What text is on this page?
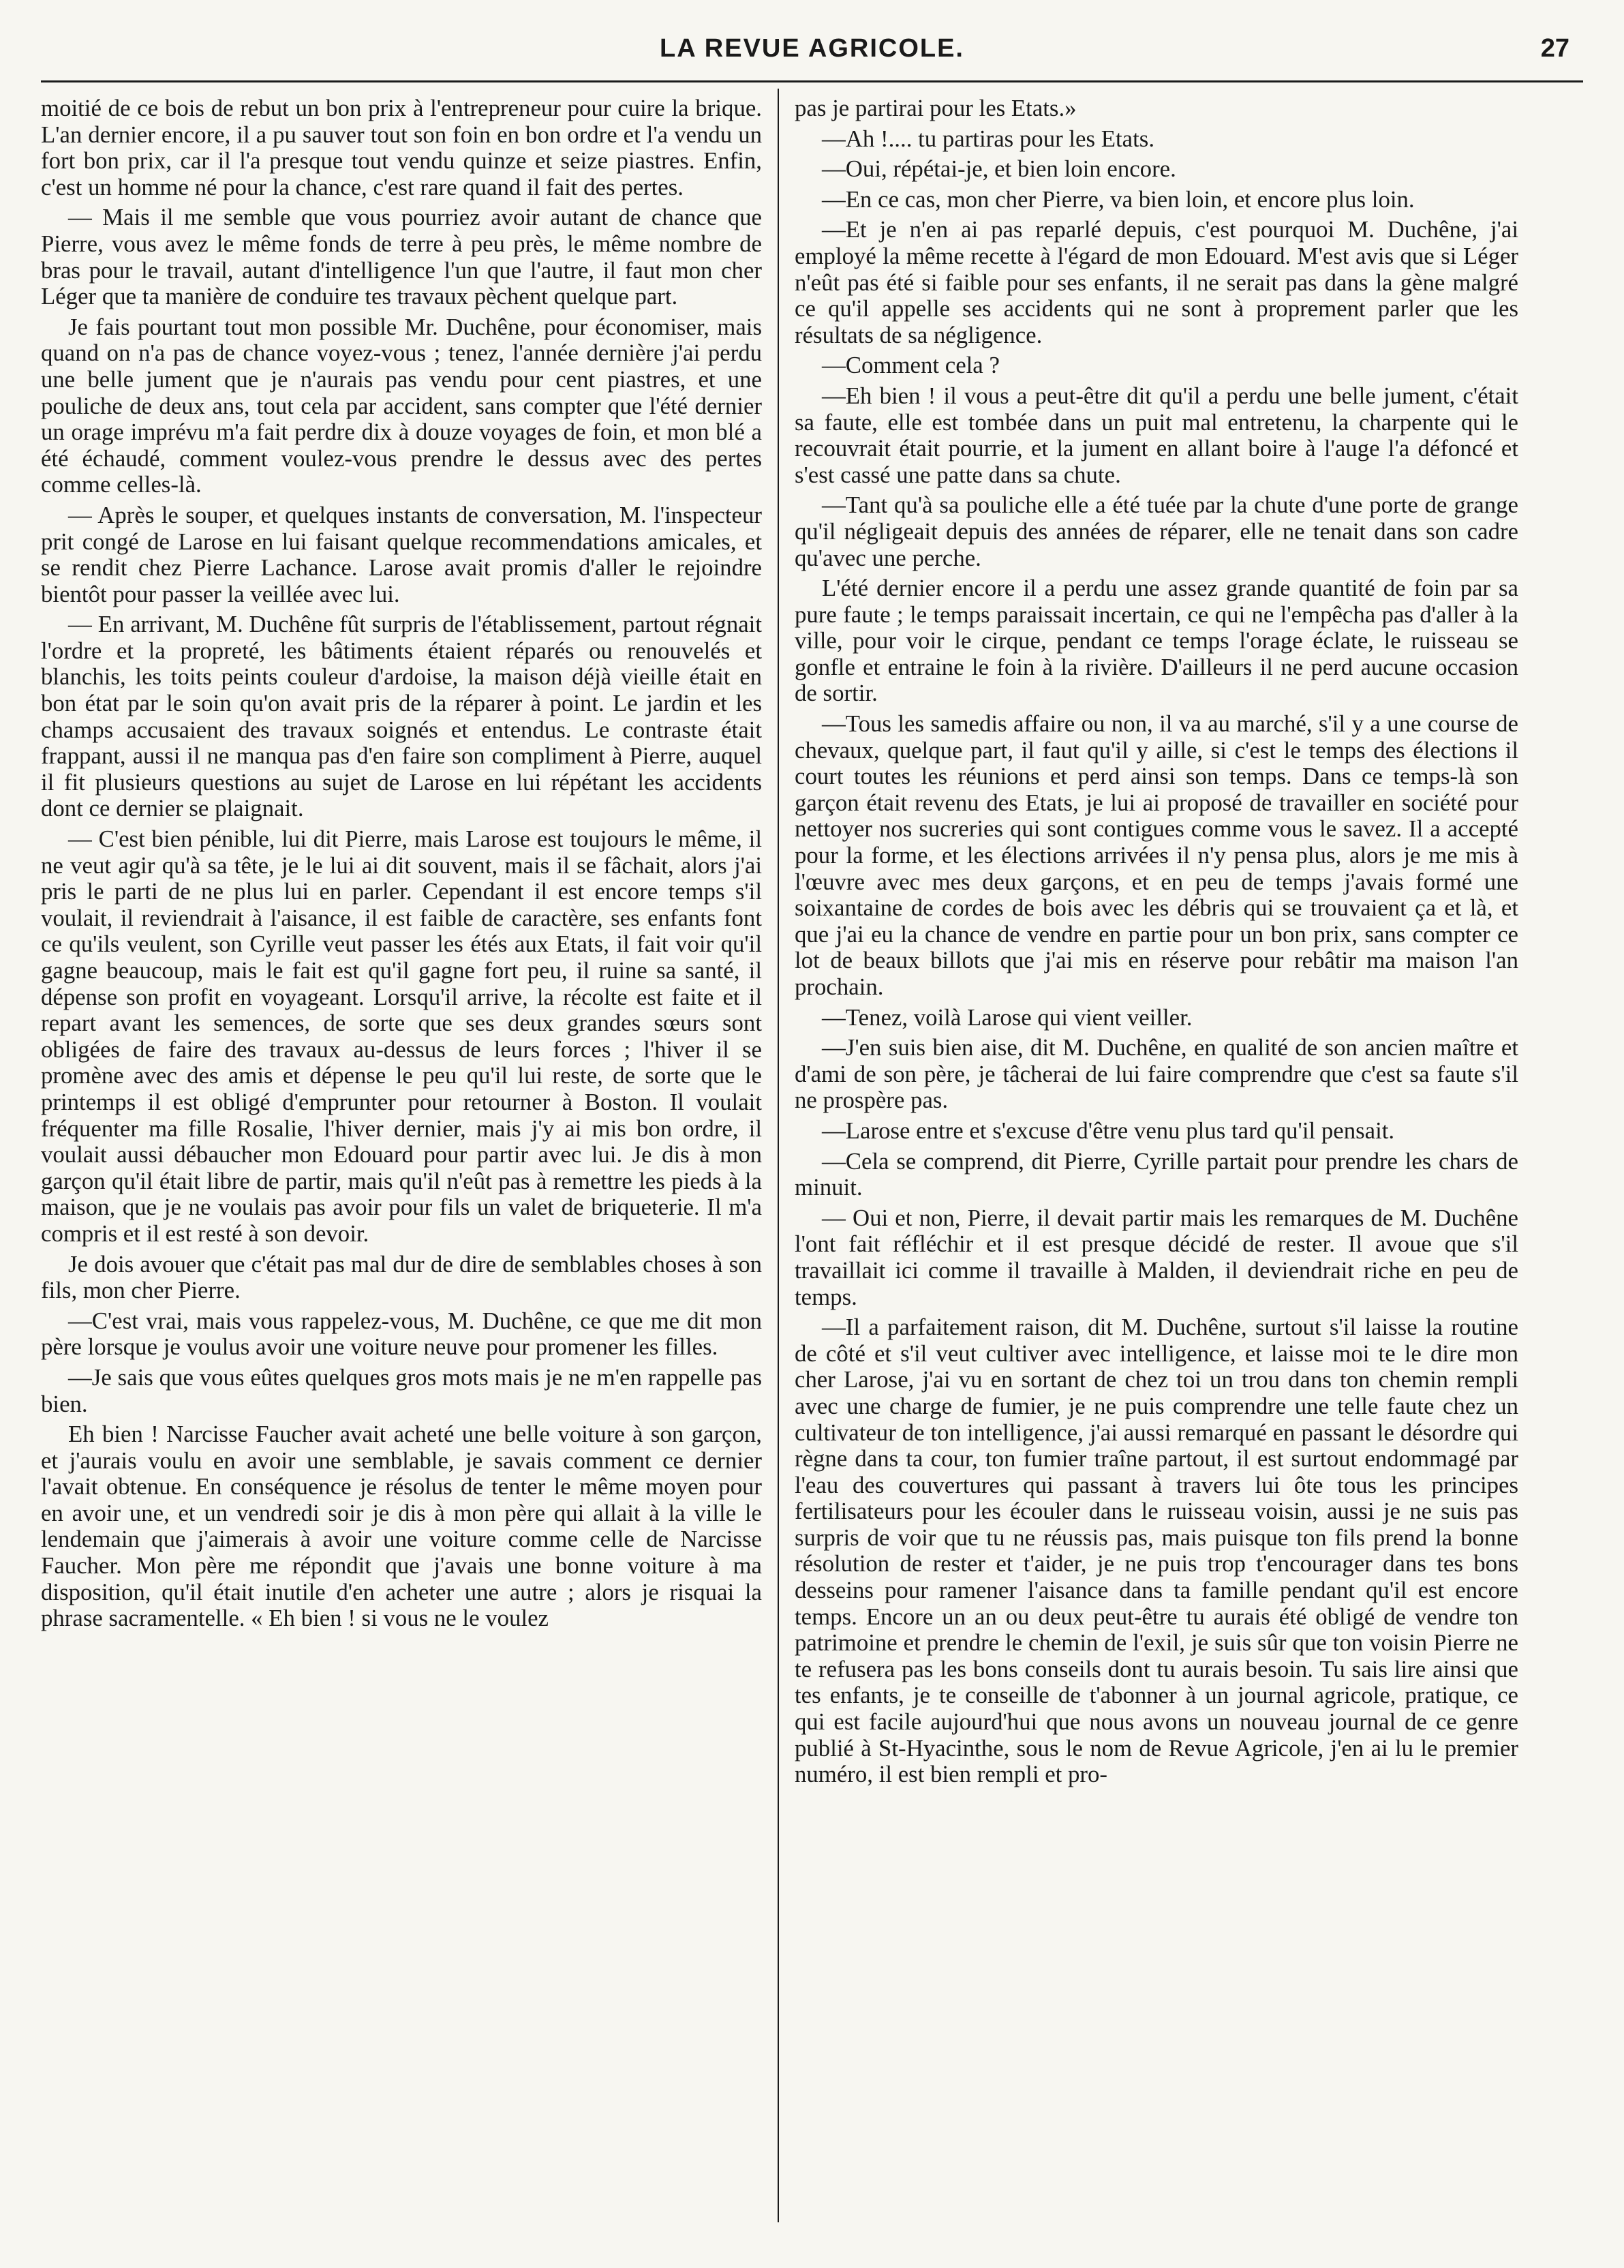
LA REVUE AGRICOLE.	27

moitié de ce bois de rebut un bon prix à l'entrepreneur pour cuire la brique. L'an dernier encore, il a pu sauver tout son foin en bon ordre et l'a vendu un fort bon prix, car il l'a presque tout vendu quinze et seize piastres. Enfin, c'est un homme né pour la chance, c'est rare quand il fait des pertes.

— Mais il me semble que vous pourriez avoir autant de chance que Pierre, vous avez le même fonds de terre à peu près, le même nombre de bras pour le travail, autant d'intelligence l'un que l'autre, il faut mon cher Léger que ta manière de conduire tes travaux pèchent quelque part.

Je fais pourtant tout mon possible Mr. Duchêne, pour économiser, mais quand on n'a pas de chance voyez-vous ; tenez, l'année dernière j'ai perdu une belle jument que je n'aurais pas vendu pour cent piastres, et une pouliche de deux ans, tout cela par accident, sans compter que l'été dernier un orage imprévu m'a fait perdre dix à douze voyages de foin, et mon blé a été échaudé, comment voulez-vous prendre le dessus avec des pertes comme celles-là.

— Après le souper, et quelques instants de conversation, M. l'inspecteur prit congé de Larose en lui faisant quelque recommendations amicales, et se rendit chez Pierre Lachance. Larose avait promis d'aller le rejoindre bientôt pour passer la veillée avec lui.

— En arrivant, M. Duchêne fût surpris de l'établissement, partout régnait l'ordre et la propreté, les bâtiments étaient réparés ou renouvelés et blanchis, les toits peints couleur d'ardoise, la maison déjà vieille était en bon état par le soin qu'on avait pris de la réparer à point. Le jardin et les champs accusaient des travaux soignés et entendus. Le contraste était frappant, aussi il ne manqua pas d'en faire son compliment à Pierre, auquel il fit plusieurs questions au sujet de Larose en lui répétant les accidents dont ce dernier se plaignait.

— C'est bien pénible, lui dit Pierre, mais Larose est toujours le même, il ne veut agir qu'à sa tête, je le lui ai dit souvent, mais il se fâchait, alors j'ai pris le parti de ne plus lui en parler. Cependant il est encore temps s'il voulait, il reviendrait à l'aisance, il est faible de caractère, ses enfants font ce qu'ils veulent, son Cyrille veut passer les étés aux Etats, il fait voir qu'il gagne beaucoup, mais le fait est qu'il gagne fort peu, il ruine sa santé, il dépense son profit en voyageant. Lorsqu'il arrive, la récolte est faite et il repart avant les semences, de sorte que ses deux grandes sœurs sont obligées de faire des travaux au-dessus de leurs forces ; l'hiver il se promène avec des amis et dépense le peu qu'il lui reste, de sorte que le printemps il est obligé d'emprunter pour retourner à Boston. Il voulait fréquenter ma fille Rosalie, l'hiver dernier, mais j'y ai mis bon ordre, il voulait aussi débaucher mon Edouard pour partir avec lui. Je dis à mon garçon qu'il était libre de partir, mais qu'il n'eût pas à remettre les pieds à la maison, que je ne voulais pas avoir pour fils un valet de briqueterie. Il m'a compris et il est resté à son devoir.

Je dois avouer que c'était pas mal dur de dire de semblables choses à son fils, mon cher Pierre.

—C'est vrai, mais vous rappelez-vous, M. Duchêne, ce que me dit mon père lorsque je voulus avoir une voiture neuve pour promener les filles.

—Je sais que vous eûtes quelques gros mots mais je ne m'en rappelle pas bien.

Eh bien ! Narcisse Faucher avait acheté une belle voiture à son garçon, et j'aurais voulu en avoir une semblable, je savais comment ce dernier l'avait obtenue. En conséquence je résolus de tenter le même moyen pour en avoir une, et un vendredi soir je dis à mon père qui allait à la ville le lendemain que j'aimerais à avoir une voiture comme celle de Narcisse Faucher. Mon père me répondit que j'avais une bonne voiture à ma disposition, qu'il était inutile d'en acheter une autre ; alors je risquai la phrase sacramentelle. « Eh bien ! si vous ne le voulez

pas je partirai pour les Etats.»

—Ah !.... tu partiras pour les Etats.

—Oui, répétai-je, et bien loin encore.

—En ce cas, mon cher Pierre, va bien loin, et encore plus loin.

—Et je n'en ai pas reparlé depuis, c'est pourquoi M. Duchêne, j'ai employé la même recette à l'égard de mon Edouard. M'est avis que si Léger n'eût pas été si faible pour ses enfants, il ne serait pas dans la gène malgré ce qu'il appelle ses accidents qui ne sont à proprement parler que les résultats de sa négligence.

—Comment cela ?

—Eh bien ! il vous a peut-être dit qu'il a perdu une belle jument, c'était sa faute, elle est tombée dans un puit mal entretenu, la charpente qui le recouvrait était pourrie, et la jument en allant boire à l'auge l'a défoncé et s'est cassé une patte dans sa chute.

—Tant qu'à sa pouliche elle a été tuée par la chute d'une porte de grange qu'il négligeait depuis des années de réparer, elle ne tenait dans son cadre qu'avec une perche.

L'été dernier encore il a perdu une assez grande quantité de foin par sa pure faute ; le temps paraissait incertain, ce qui ne l'empêcha pas d'aller à la ville, pour voir le cirque, pendant ce temps l'orage éclate, le ruisseau se gonfle et entraine le foin à la rivière. D'ailleurs il ne perd aucune occasion de sortir.

—Tous les samedis affaire ou non, il va au marché, s'il y a une course de chevaux, quelque part, il faut qu'il y aille, si c'est le temps des élections il court toutes les réunions et perd ainsi son temps. Dans ce temps-là son garçon était revenu des Etats, je lui ai proposé de travailler en société pour nettoyer nos sucreries qui sont contigues comme vous le savez. Il a accepté pour la forme, et les élections arrivées il n'y pensa plus, alors je me mis à l'œuvre avec mes deux garçons, et en peu de temps j'avais formé une soixantaine de cordes de bois avec les débris qui se trouvaient ça et là, et que j'ai eu la chance de vendre en partie pour un bon prix, sans compter ce lot de beaux billots que j'ai mis en réserve pour rebâtir ma maison l'an prochain.

—Tenez, voilà Larose qui vient veiller.

—J'en suis bien aise, dit M. Duchêne, en qualité de son ancien maître et d'ami de son père, je tâcherai de lui faire comprendre que c'est sa faute s'il ne prospère pas.

—Larose entre et s'excuse d'être venu plus tard qu'il pensait.

—Cela se comprend, dit Pierre, Cyrille partait pour prendre les chars de minuit.

— Oui et non, Pierre, il devait partir mais les remarques de M. Duchêne l'ont fait réfléchir et il est presque décidé de rester. Il avoue que s'il travaillait ici comme il travaille à Malden, il deviendrait riche en peu de temps.

—Il a parfaitement raison, dit M. Duchêne, surtout s'il laisse la routine de côté et s'il veut cultiver avec intelligence, et laisse moi te le dire mon cher Larose, j'ai vu en sortant de chez toi un trou dans ton chemin rempli avec une charge de fumier, je ne puis comprendre une telle faute chez un cultivateur de ton intelligence, j'ai aussi remarqué en passant le désordre qui règne dans ta cour, ton fumier traîne partout, il est surtout endommagé par l'eau des couvertures qui passant à travers lui ôte tous les principes fertilisateurs pour les écouler dans le ruisseau voisin, aussi je ne suis pas surpris de voir que tu ne réussis pas, mais puisque ton fils prend la bonne résolution de rester et t'aider, je ne puis trop t'encourager dans tes bons desseins pour ramener l'aisance dans ta famille pendant qu'il est encore temps. Encore un an ou deux peut-être tu aurais été obligé de vendre ton patrimoine et prendre le chemin de l'exil, je suis sûr que ton voisin Pierre ne te refusera pas les bons conseils dont tu aurais besoin. Tu sais lire ainsi que tes enfants, je te conseille de t'abonner à un journal agricole, pratique, ce qui est facile aujourd'hui que nous avons un nouveau journal de ce genre publié à St-Hyacinthe, sous le nom de Revue Agricole, j'en ai lu le premier numéro, il est bien rempli et pro-
